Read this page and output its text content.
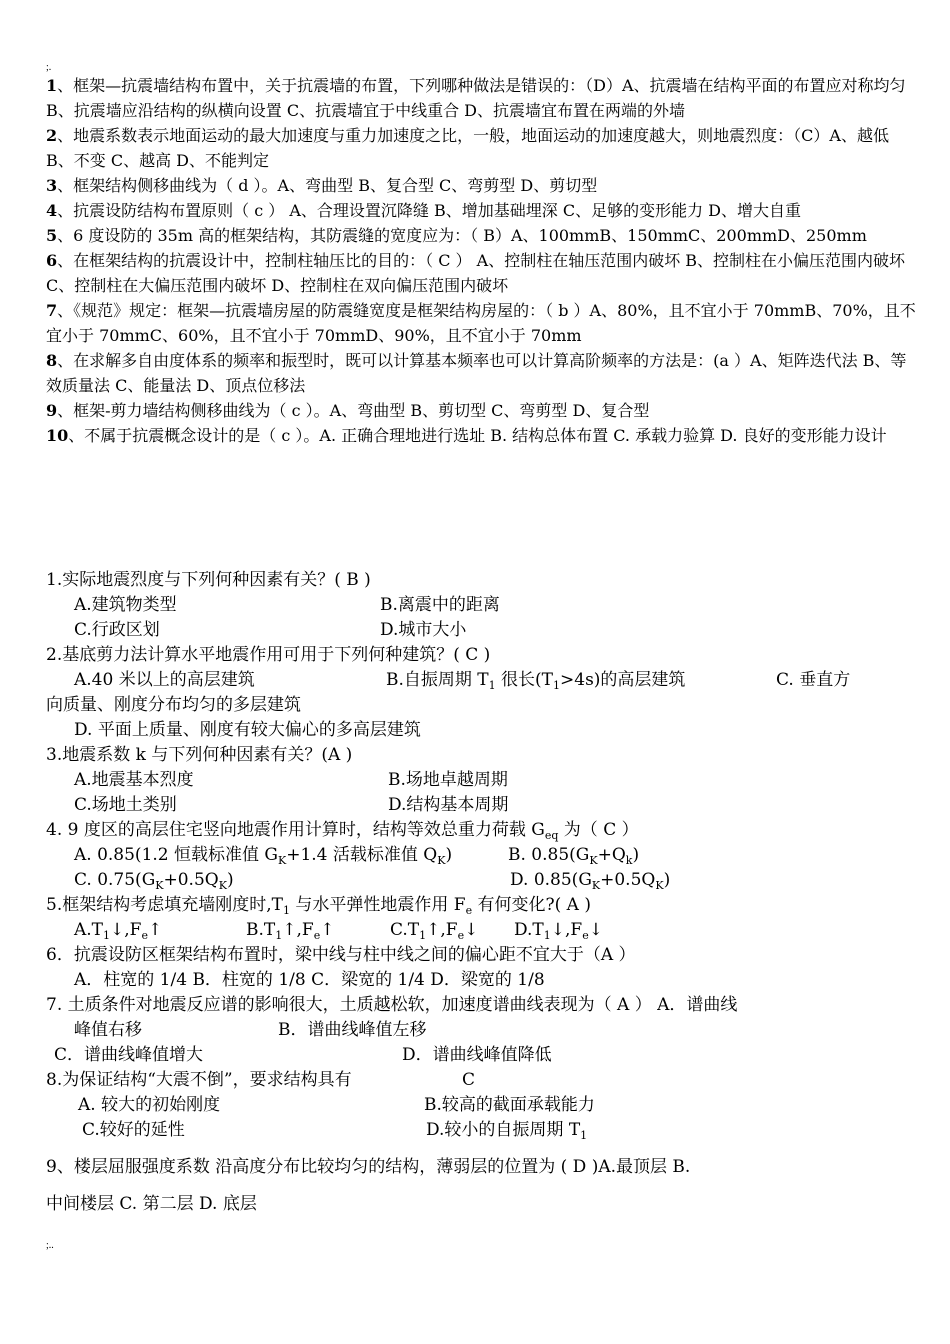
;.

1、框架—抗震墙结构布置中，关于抗震墙的布置，下列哪种做法是错误的：（D）A、抗震墙在结构平面的布置应对称均匀 B、抗震墙应沿结构的纵横向设置 C、抗震墙宜于中线重合 D、抗震墙宜布置在两端的外墙

2、地震系数表示地面运动的最大加速度与重力加速度之比，一般，地面运动的加速度越大，则地震烈度：（C）A、越低 B、不变 C、越高 D、不能判定

3、框架结构侧移曲线为（ d ）。A、弯曲型 B、复合型 C、弯剪型 D、剪切型

4、抗震设防结构布置原则（ c ） A、合理设置沉降缝 B、增加基础埋深 C、足够的变形能力 D、增大自重

5、6 度设防的 35m 高的框架结构，其防震缝的宽度应为：（ B）A、100mmB、150mmC、200mmD、250mm

6、在框架结构的抗震设计中，控制柱轴压比的目的：（ C ） A、控制柱在轴压范围内破坏 B、控制柱在小偏压范围内破坏 C、控制柱在大偏压范围内破坏 D、控制柱在双向偏压范围内破坏

7、《规范》规定：框架—抗震墙房屋的防震缝宽度是框架结构房屋的：（ b ）A、80%，且不宜小于 70mmB、70%，且不宜小于 70mmC、60%，且不宜小于 70mmD、90%，且不宜小于 70mm

8、在求解多自由度体系的频率和振型时，既可以计算基本频率也可以计算高阶频率的方法是：(a ）A、矩阵迭代法 B、等效质量法 C、能量法 D、顶点位移法

9、框架-剪力墙结构侧移曲线为（ c ）。A、弯曲型 B、剪切型 C、弯剪型 D、复合型

10、不属于抗震概念设计的是（ c ）。A. 正确合理地进行选址 B. 结构总体布置 C. 承载力验算 D. 良好的变形能力设计

1.实际地震烈度与下列何种因素有关？( B )
A.建筑物类型	B.离震中的距离
C.行政区划	D.城市大小
2.基底剪力法计算水平地震作用可用于下列何种建筑？( C )
A.40 米以上的高层建筑	B.自振周期 $T_1$ 很长$(T_1>4s)$的高层建筑	C. 垂直方
向质量、刚度分布均匀的多层建筑
D. 平面上质量、刚度有较大偏心的多高层建筑
3.地震系数 k 与下列何种因素有关？(A )
A.地震基本烈度	B.场地卓越周期
C.场地土类别	D.结构基本周期
4. 9 度区的高层住宅竖向地震作用计算时，结构等效总重力荷载 $G_{eq}$ 为（ C ）
A. 0.85(1.2 恒载标准值 $G_K+1.4$ 活载标准值 $Q_K$)	B. $0.85(G_K+Q_k)$
C. $0.75(G_K+0.5Q_K)$	D. $0.85(G_K+0.5Q_K)$
5.框架结构考虑填充墙刚度时$,T_1$ 与水平弹性地震作用 $F_e$ 有何变化?( A )
$A.T_1↓,F_e↑$	$B.T_1↑,F_e↑$	$C.T_1↑,F_e↓$ $D.T_1↓,F_e↓$
6．抗震设防区框架结构布置时，梁中线与柱中线之间的偏心距不宜大于（A ）
A．柱宽的 1/4 B．柱宽的 1/8 C．梁宽的 1/4 D．梁宽的 1/8
7. 土质条件对地震反应谱的影响很大，土质越松软，加速度谱曲线表现为（ A ） A．谱曲线
峰值右移	B．谱曲线峰值左移
C．谱曲线峰值增大	D．谱曲线峰值降低
8.为保证结构“大震不倒”，要求结构具有	C
A. 较大的初始刚度	B.较高的截面承载能力
C.较好的延性	D.较小的自振周期 $T_1$
9、楼层屈服强度系数 沿高度分布比较均匀的结构，薄弱层的位置为 ( D )A.最顶层 B.
中间楼层 C. 第二层 D. 底层
;..
